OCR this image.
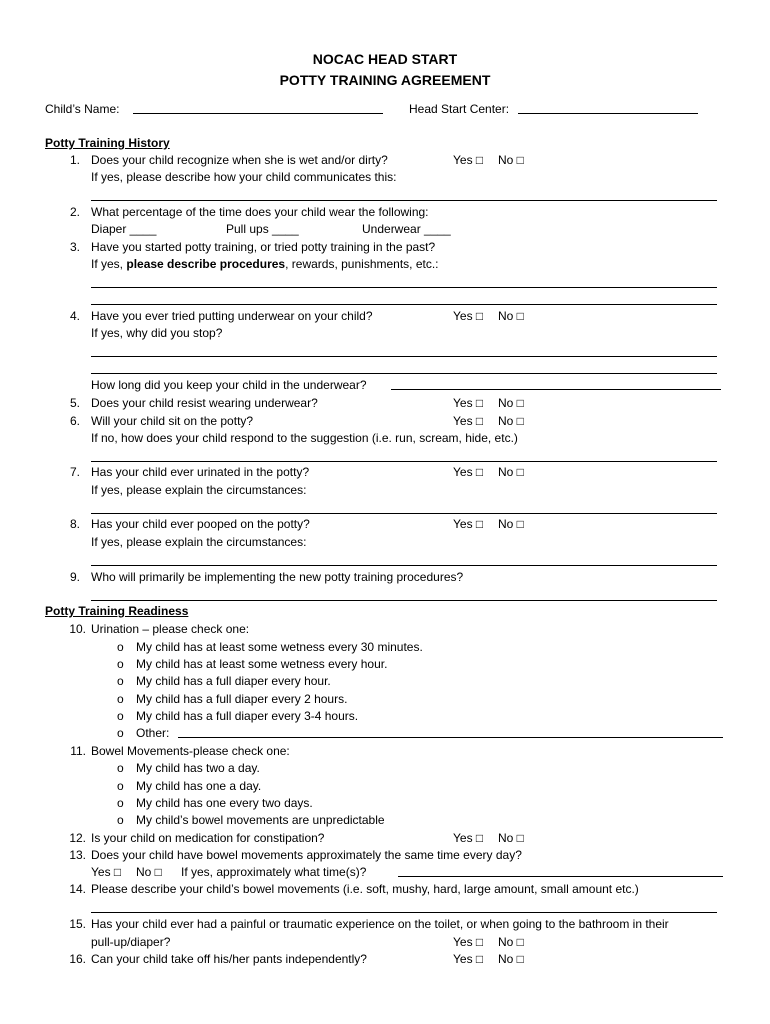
NOCAC HEAD START
POTTY TRAINING AGREEMENT
Child’s Name:	Head Start Center:
Potty Training History
1. Does your child recognize when she is wet and/or dirty?	Yes □ No □
If yes, please describe how your child communicates this:
2. What percentage of the time does your child wear the following:
Diaper ____	Pull ups ____	Underwear ____
3. Have you started potty training, or tried potty training in the past?
If yes, please describe procedures, rewards, punishments, etc.:
4. Have you ever tried putting underwear on your child?	Yes □ No □
If yes, why did you stop?
How long did you keep your child in the underwear?
5. Does your child resist wearing underwear?	Yes □ No □
6. Will your child sit on the potty?	Yes □ No □
If no, how does your child respond to the suggestion (i.e. run, scream, hide, etc.)
7. Has your child ever urinated in the potty?	Yes □ No □
If yes, please explain the circumstances:
8. Has your child ever pooped on the potty?	Yes □ No □
If yes, please explain the circumstances:
9. Who will primarily be implementing the new potty training procedures?
Potty Training Readiness
10. Urination – please check one:
o My child has at least some wetness every 30 minutes.
o My child has at least some wetness every hour.
o My child has a full diaper every hour.
o My child has a full diaper every 2 hours.
o My child has a full diaper every 3-4 hours.
o Other:
11. Bowel Movements-please check one:
o My child has two a day.
o My child has one a day.
o My child has one every two days.
o My child’s bowel movements are unpredictable
12. Is your child on medication for constipation?	Yes □ No □
13. Does your child have bowel movements approximately the same time every day?
Yes □ No □ If yes, approximately what time(s)?
14. Please describe your child’s bowel movements (i.e. soft, mushy, hard, large amount, small amount etc.)
15. Has your child ever had a painful or traumatic experience on the toilet, or when going to the bathroom in their
pull-up/diaper?	Yes □ No □
16. Can your child take off his/her pants independently?	Yes □ No □
